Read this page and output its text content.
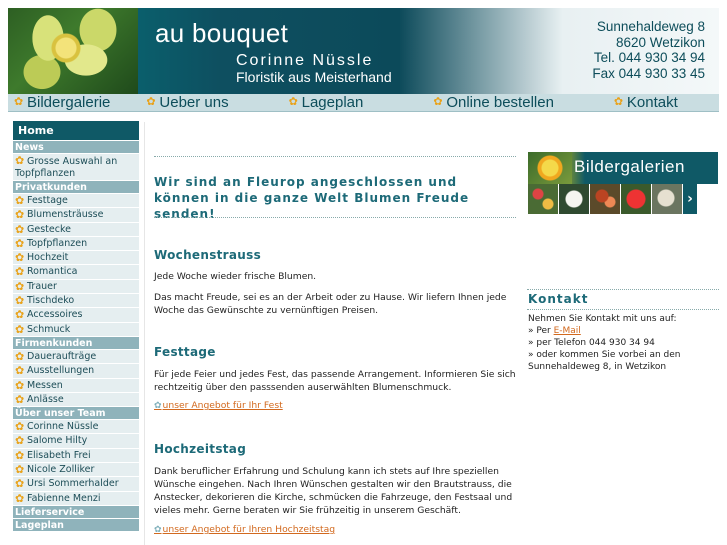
au bouquet
Corinne Nüssle
Floristik aus Meisterhand
Sunnehaldeweg 8
8620 Wetzikon
Tel. 044 930 34 94
Fax 044 930 33 45
✿ Bildergalerie	✿ Ueber uns	✿ Lageplan	✿ Online bestellen	✿ Kontakt
Home
News
✿ Grosse Auswahl an Topfpflanzen
Privatkunden
✿ Festtage
✿ Blumensträusse
✿ Gestecke
✿ Topfpflanzen
✿ Hochzeit
✿ Romantica
✿ Trauer
✿ Tischdeko
✿ Accessoires
✿ Schmuck
Firmenkunden
✿ Daueraufträge
✿ Ausstellungen
✿ Messen
✿ Anlässe
Über unser Team
✿ Corinne Nüssle
✿ Salome Hilty
✿ Elisabeth Frei
✿ Nicole Zolliker
✿ Ursi Sommerhalder
✿ Fabienne Menzi
Lieferservice
Lageplan
Wir sind an Fleurop angeschlossen und können in die ganze Welt Blumen Freude senden!
Wochenstrauss
Jede Woche wieder frische Blumen.
Das macht Freude, sei es an der Arbeit oder zu Hause. Wir liefern Ihnen jede Woche das Gewünschte zu vernünftigen Preisen.
Festtage
Für jede Feier und jedes Fest, das passende Arrangement. Informieren Sie sich rechtzeitig über den passsenden auserwählten Blumenschmuck.
✿ unser Angebot für Ihr Fest
Hochzeitstag
Dank beruflicher Erfahrung und Schulung kann ich stets auf Ihre speziellen Wünsche eingehen. Nach Ihren Wünschen gestalten wir den Brautstrauss, die Anstecker, dekorieren die Kirche, schmücken die Fahrzeuge, den Festsaal und vieles mehr. Gerne beraten wir Sie frühzeitig in unserem Geschäft.
✿ unser Angebot für Ihren Hochzeitstag
Bildergalerien
›
Kontakt
Nehmen Sie Kontakt mit uns auf:
» Per E-Mail
» per Telefon 044 930 34 94
» oder kommen Sie vorbei an den Sunnehaldeweg 8, in Wetzikon
